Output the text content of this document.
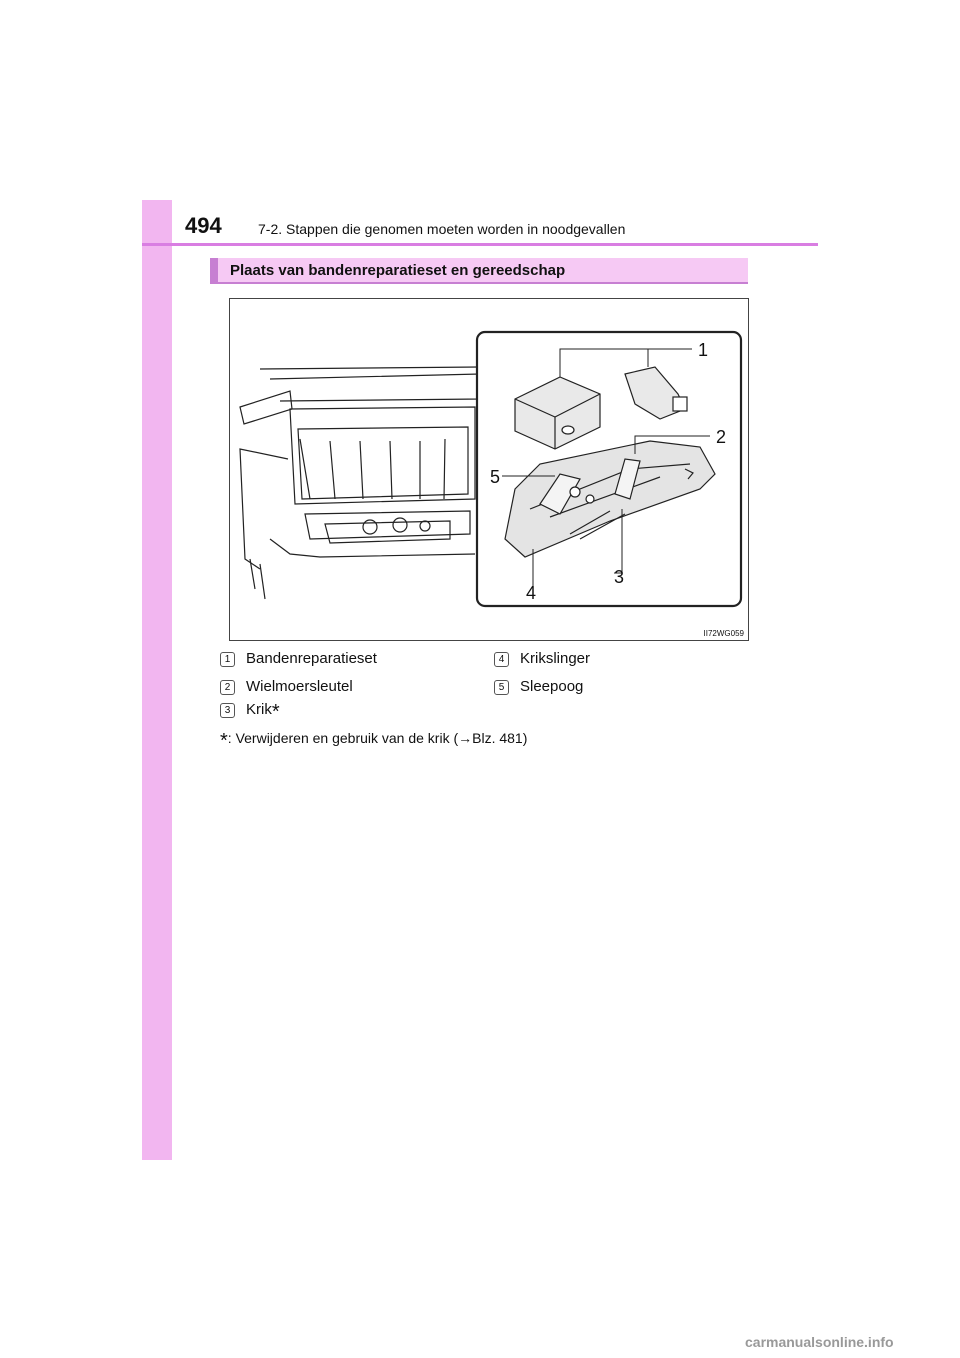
494	7-2. Stappen die genomen moeten worden in noodgevallen
Plaats van bandenreparatieset en gereedschap
1
2
3
4
5
II72WG059
1 Bandenreparatieset
2 Wielmoersleutel
3 Krik*
4 Krikslinger
5 Sleepoog
*: Verwijderen en gebruik van de krik (→Blz. 481)
carmanualsonline.info
